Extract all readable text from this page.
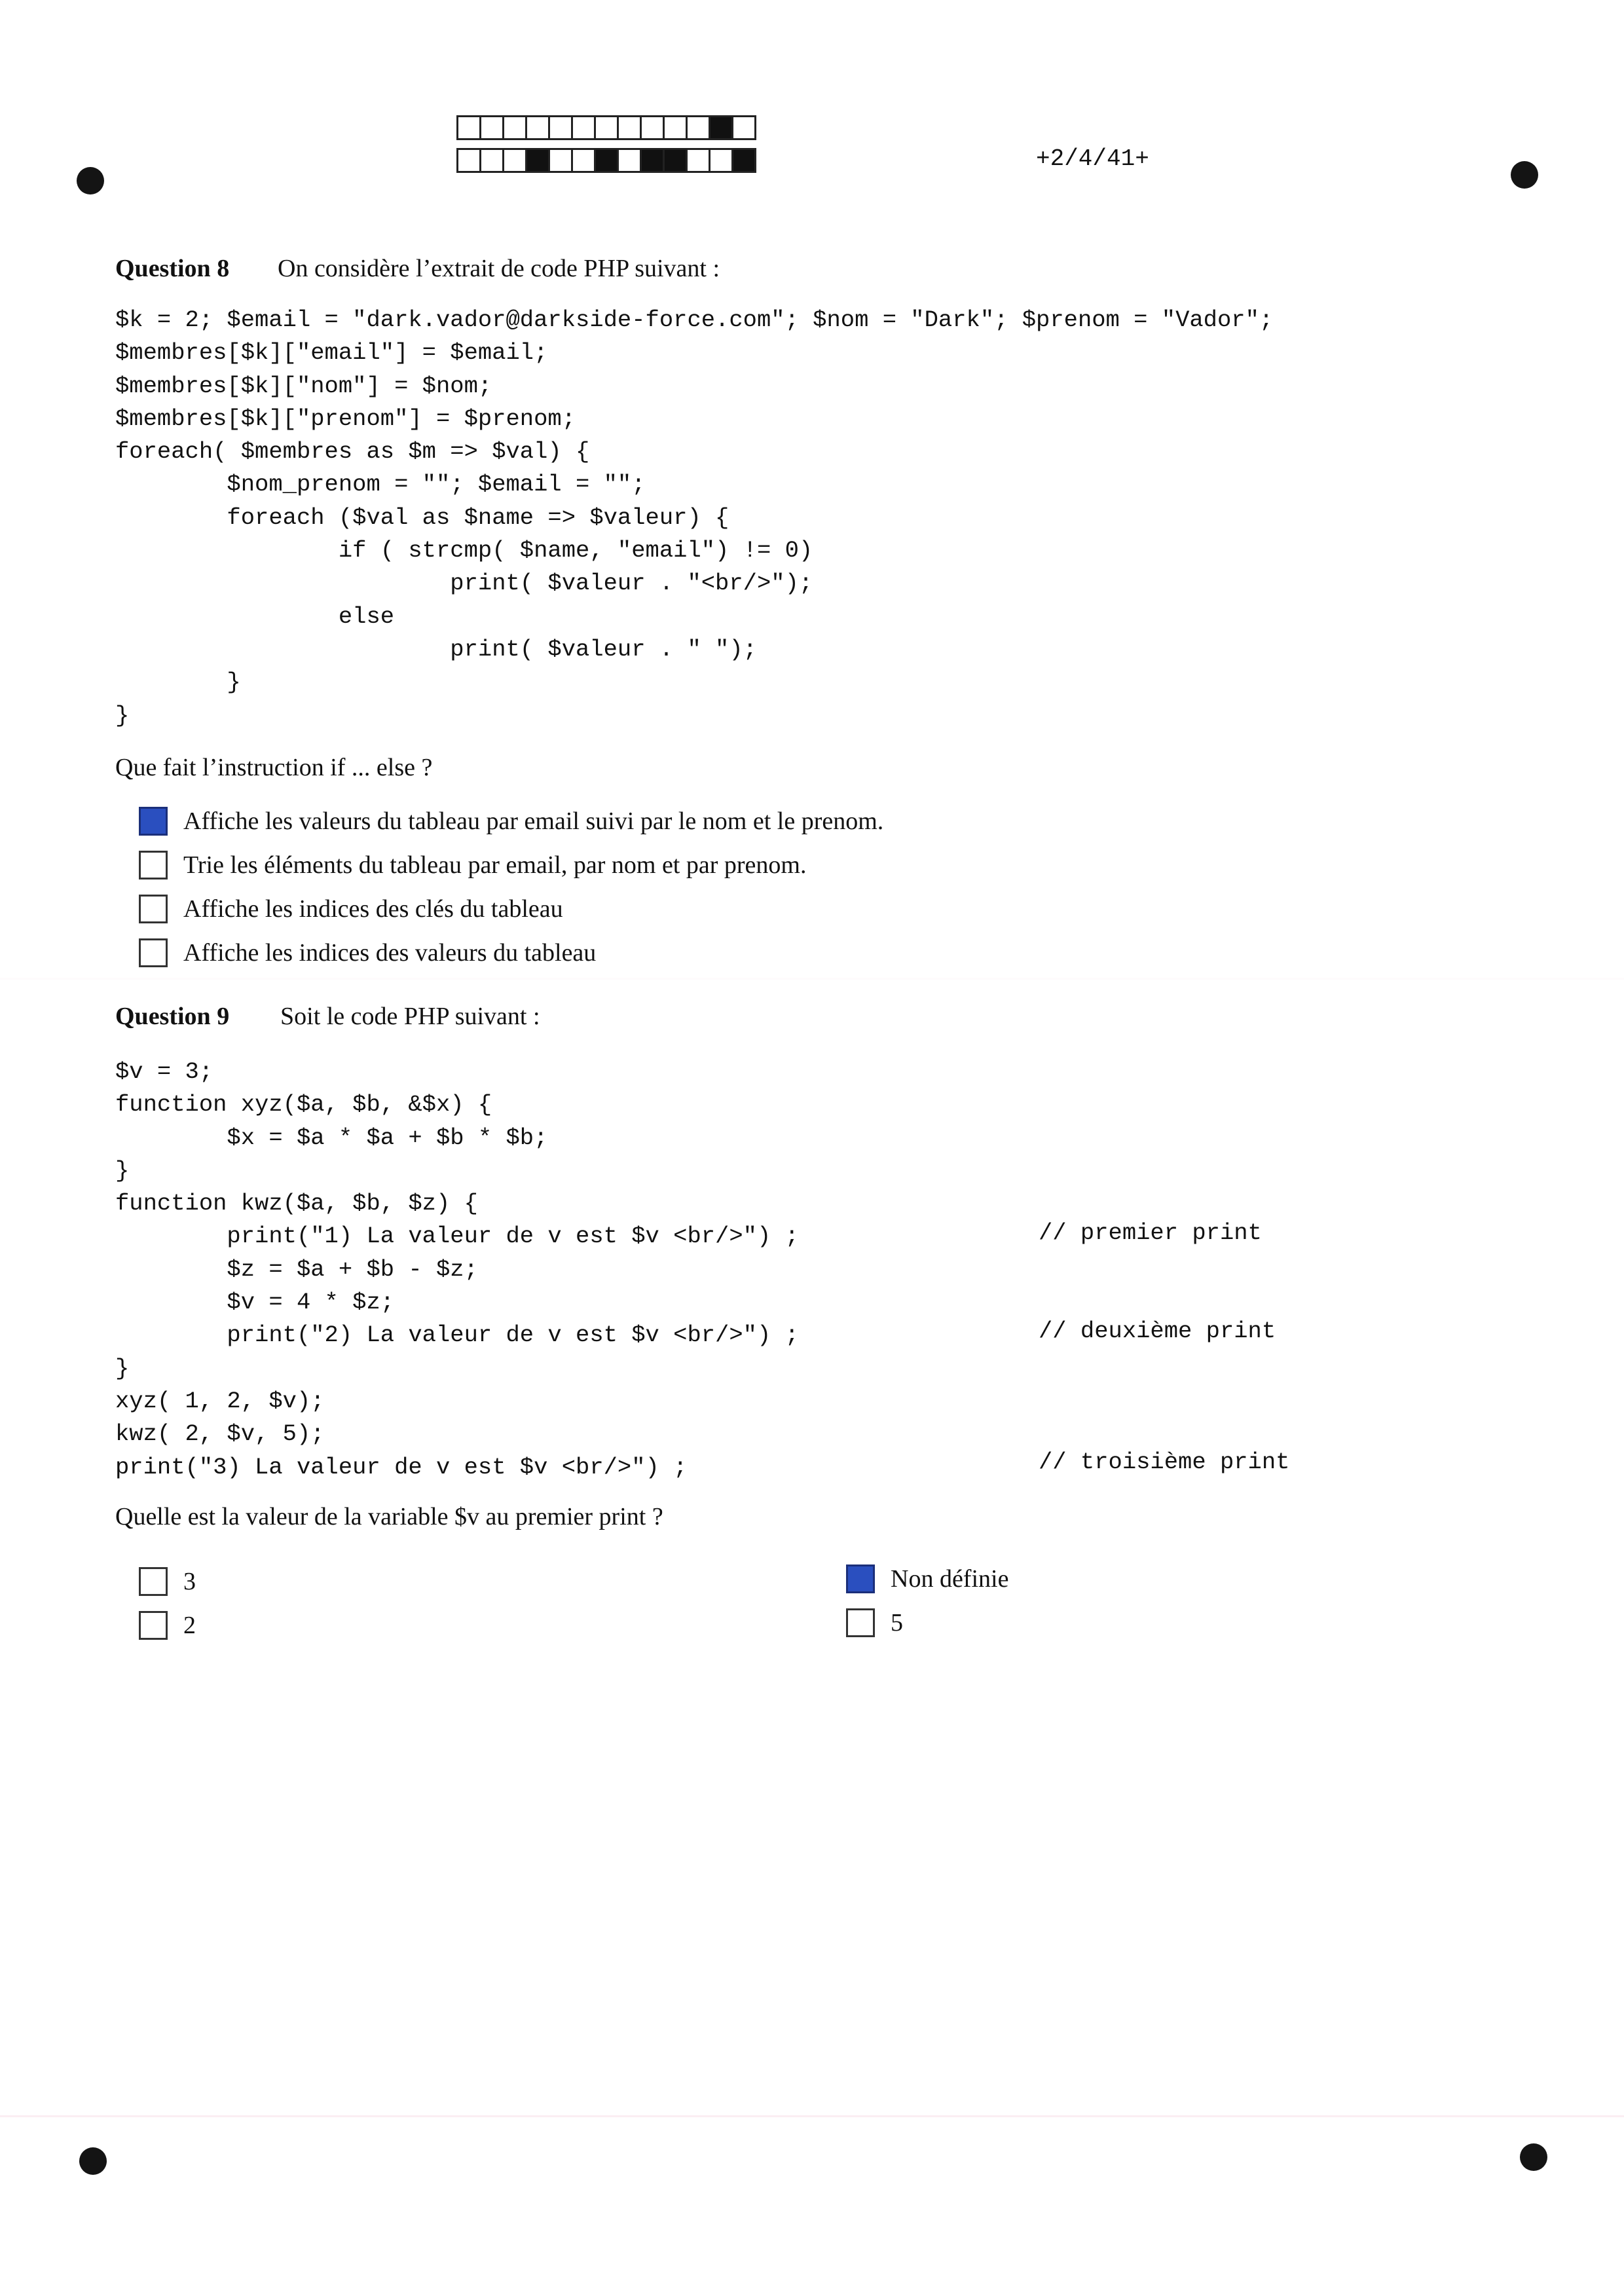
+2/4/41+
Question 8 On considère l’extrait de code PHP suivant :
$k = 2; $email = "dark.vador@darkside-force.com"; $nom = "Dark"; $prenom = "Vador";
$membres[$k]["email"] = $email;
$membres[$k]["nom"] = $nom;
$membres[$k]["prenom"] = $prenom;
foreach( $membres as $m => $val) {
$nom_prenom = ""; $email = "";
foreach ($val as $name => $valeur) {
if ( strcmp( $name, "email") != 0)
print( $valeur . "<br/>");
else
print( $valeur . " ");
}
}
Que fait l’instruction if ... else ?
Affiche les valeurs du tableau par email suivi par le nom et le prenom.
Trie les éléments du tableau par email, par nom et par prenom.
Affiche les indices des clés du tableau
Affiche les indices des valeurs du tableau
Question 9 Soit le code PHP suivant :
$v = 3;
function xyz($a, $b, &$x) {
$x = $a * $a + $b * $b;
}
function kwz($a, $b, $z) {
print("1) La valeur de v est $v <br/>") ;
$z = $a + $b - $z;
$v = 4 * $z;
print("2) La valeur de v est $v <br/>") ;
}
xyz( 1, 2, $v);
kwz( 2, $v, 5);
print("3) La valeur de v est $v <br/>") ;
// premier print
// deuxième print
// troisième print
Quelle est la valeur de la variable $v au premier print ?
3
2
Non définie
5
